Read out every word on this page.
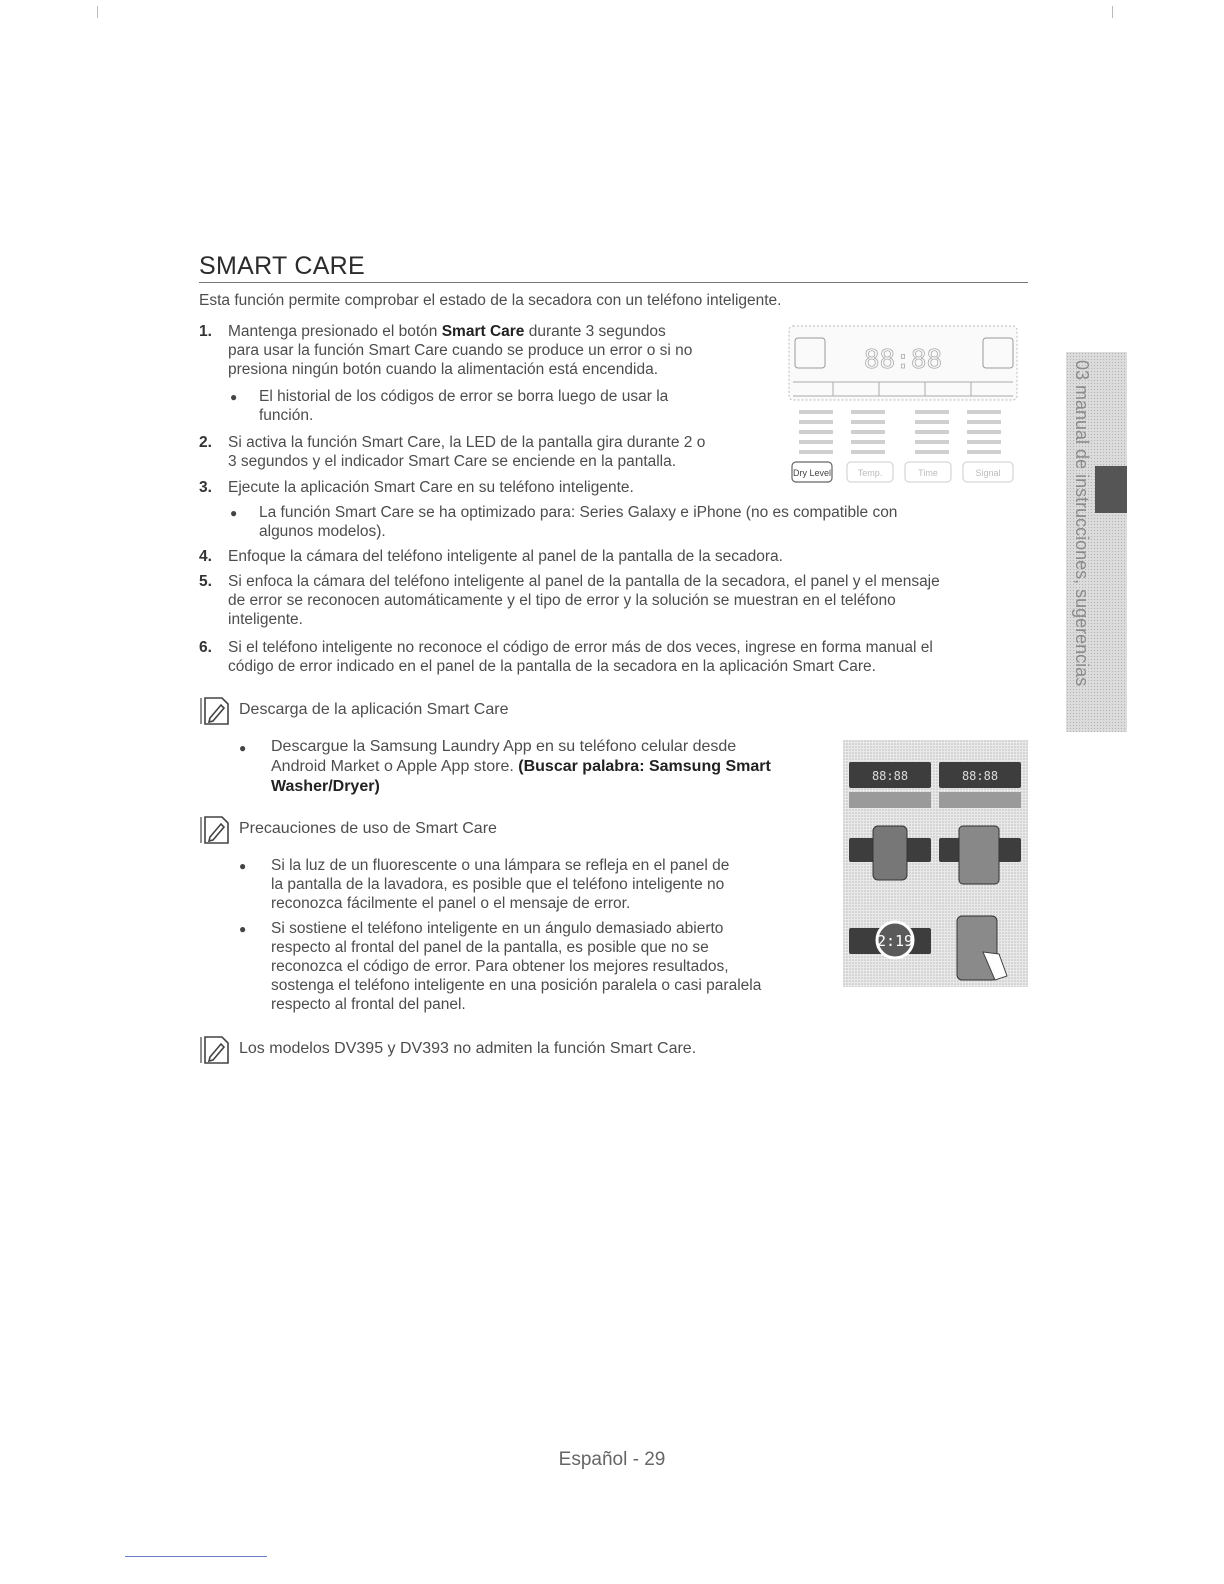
SMART CARE
Esta función permite comprobar el estado de la secadora con un teléfono inteligente.
1. Mantenga presionado el botón Smart Care durante 3 segundos
para usar la función Smart Care cuando se produce un error o si no
presiona ningún botón cuando la alimentación está encendida.
● El historial de los códigos de error se borra luego de usar la
función.
2. Si activa la función Smart Care, la LED de la pantalla gira durante 2 o
3 segundos y el indicador Smart Care se enciende en la pantalla.
3. Ejecute la aplicación Smart Care en su teléfono inteligente.
● La función Smart Care se ha optimizado para: Series Galaxy e iPhone (no es compatible con
algunos modelos).
4. Enfoque la cámara del teléfono inteligente al panel de la pantalla de la secadora.
5. Si enfoca la cámara del teléfono inteligente al panel de la pantalla de la secadora, el panel y el mensaje
de error se reconocen automáticamente y el tipo de error y la solución se muestran en el teléfono
inteligente.
6. Si el teléfono inteligente no reconoce el código de error más de dos veces, ingrese en forma manual el
código de error indicado en el panel de la pantalla de la secadora en la aplicación Smart Care.
Descarga de la aplicación Smart Care
● Descargue la Samsung Laundry App en su teléfono celular desde
Android Market o Apple App store. (Buscar palabra: Samsung Smart
Washer/Dryer)
Precauciones de uso de Smart Care
● Si la luz de un fluorescente o una lámpara se refleja en el panel de
la pantalla de la lavadora, es posible que el teléfono inteligente no
reconozca fácilmente el panel o el mensaje de error.
● Si sostiene el teléfono inteligente en un ángulo demasiado abierto
respecto al frontal del panel de la pantalla, es posible que no se
reconozca el código de error. Para obtener los mejores resultados,
sostenga el teléfono inteligente en una posición paralela o casi paralela
respecto al frontal del panel.
Los modelos DV395 y DV393 no admiten la función Smart Care.
88:88
Dry Level	Temp.	Time	Signal
88:88	88:88
2:19
03 manual de instrucciones, sugerencias
Español - 29
